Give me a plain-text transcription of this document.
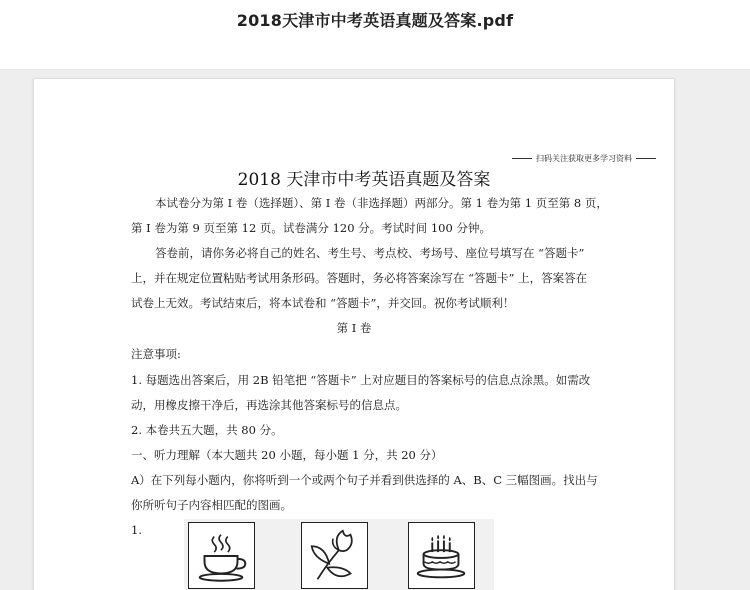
2018天津市中考英语真题及答案.pdf
扫码关注获取更多学习资料
2018 天津市中考英语真题及答案
本试卷分为第 I 卷（选择题）、第 I 卷（非选择题）两部分。第 1 卷为第 1 页至第 8 页，
第 I 卷为第 9 页至第 12 页。试卷满分 120 分。考试时间 100 分钟。
答卷前，请你务必将自己的姓名、考生号、考点校、考场号、座位号填写在 “答题卡”
上，并在规定位置粘贴考试用条形码。答题时，务必将答案涂写在 “答题卡” 上，答案答在
试卷上无效。考试结束后，将本试卷和 “答题卡”，并交回。祝你考试顺利！
第 I 卷
注意事项:
1. 每题选出答案后，用 2B 铅笔把 “答题卡” 上对应题目的答案标号的信息点涂黑。如需改
动，用橡皮擦干净后，再选涂其他答案标号的信息点。
2. 本卷共五大题，共 80 分。
一、听力理解（本大题共 20 小题，每小题 1 分，共 20 分）
A）在下列每小题内，你将听到一个或两个句子并看到供选择的 A、B、C 三幅图画。找出与
你所听句子内容相匹配的图画。
1.
